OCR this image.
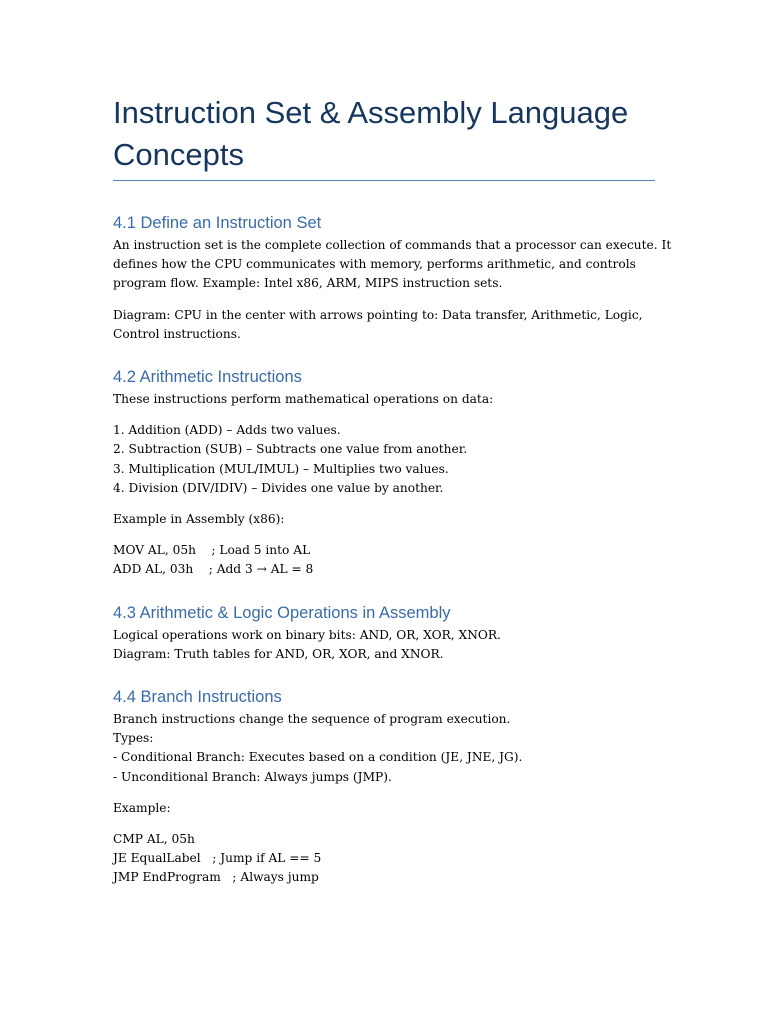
Instruction Set & Assembly Language
Concepts
4.1 Define an Instruction Set

An instruction set is the complete collection of commands that a processor can execute. It
defines how the CPU communicates with memory, performs arithmetic, and controls
program flow. Example: Intel x86, ARM, MIPS instruction sets.

Diagram: CPU in the center with arrows pointing to: Data transfer, Arithmetic, Logic,
Control instructions.

4.2 Arithmetic Instructions

These instructions perform mathematical operations on data:

1. Addition (ADD) – Adds two values.
2. Subtraction (SUB) – Subtracts one value from another.
3. Multiplication (MUL/IMUL) – Multiplies two values.
4. Division (DIV/IDIV) – Divides one value by another.

Example in Assembly (x86):

MOV AL, 05h    ; Load 5 into AL
ADD AL, 03h    ; Add 3 → AL = 8

4.3 Arithmetic & Logic Operations in Assembly

Logical operations work on binary bits: AND, OR, XOR, XNOR.
Diagram: Truth tables for AND, OR, XOR, and XNOR.

4.4 Branch Instructions

Branch instructions change the sequence of program execution.
Types:
- Conditional Branch: Executes based on a condition (JE, JNE, JG).
- Unconditional Branch: Always jumps (JMP).

Example:

CMP AL, 05h
JE EqualLabel   ; Jump if AL == 5
JMP EndProgram   ; Always jump
